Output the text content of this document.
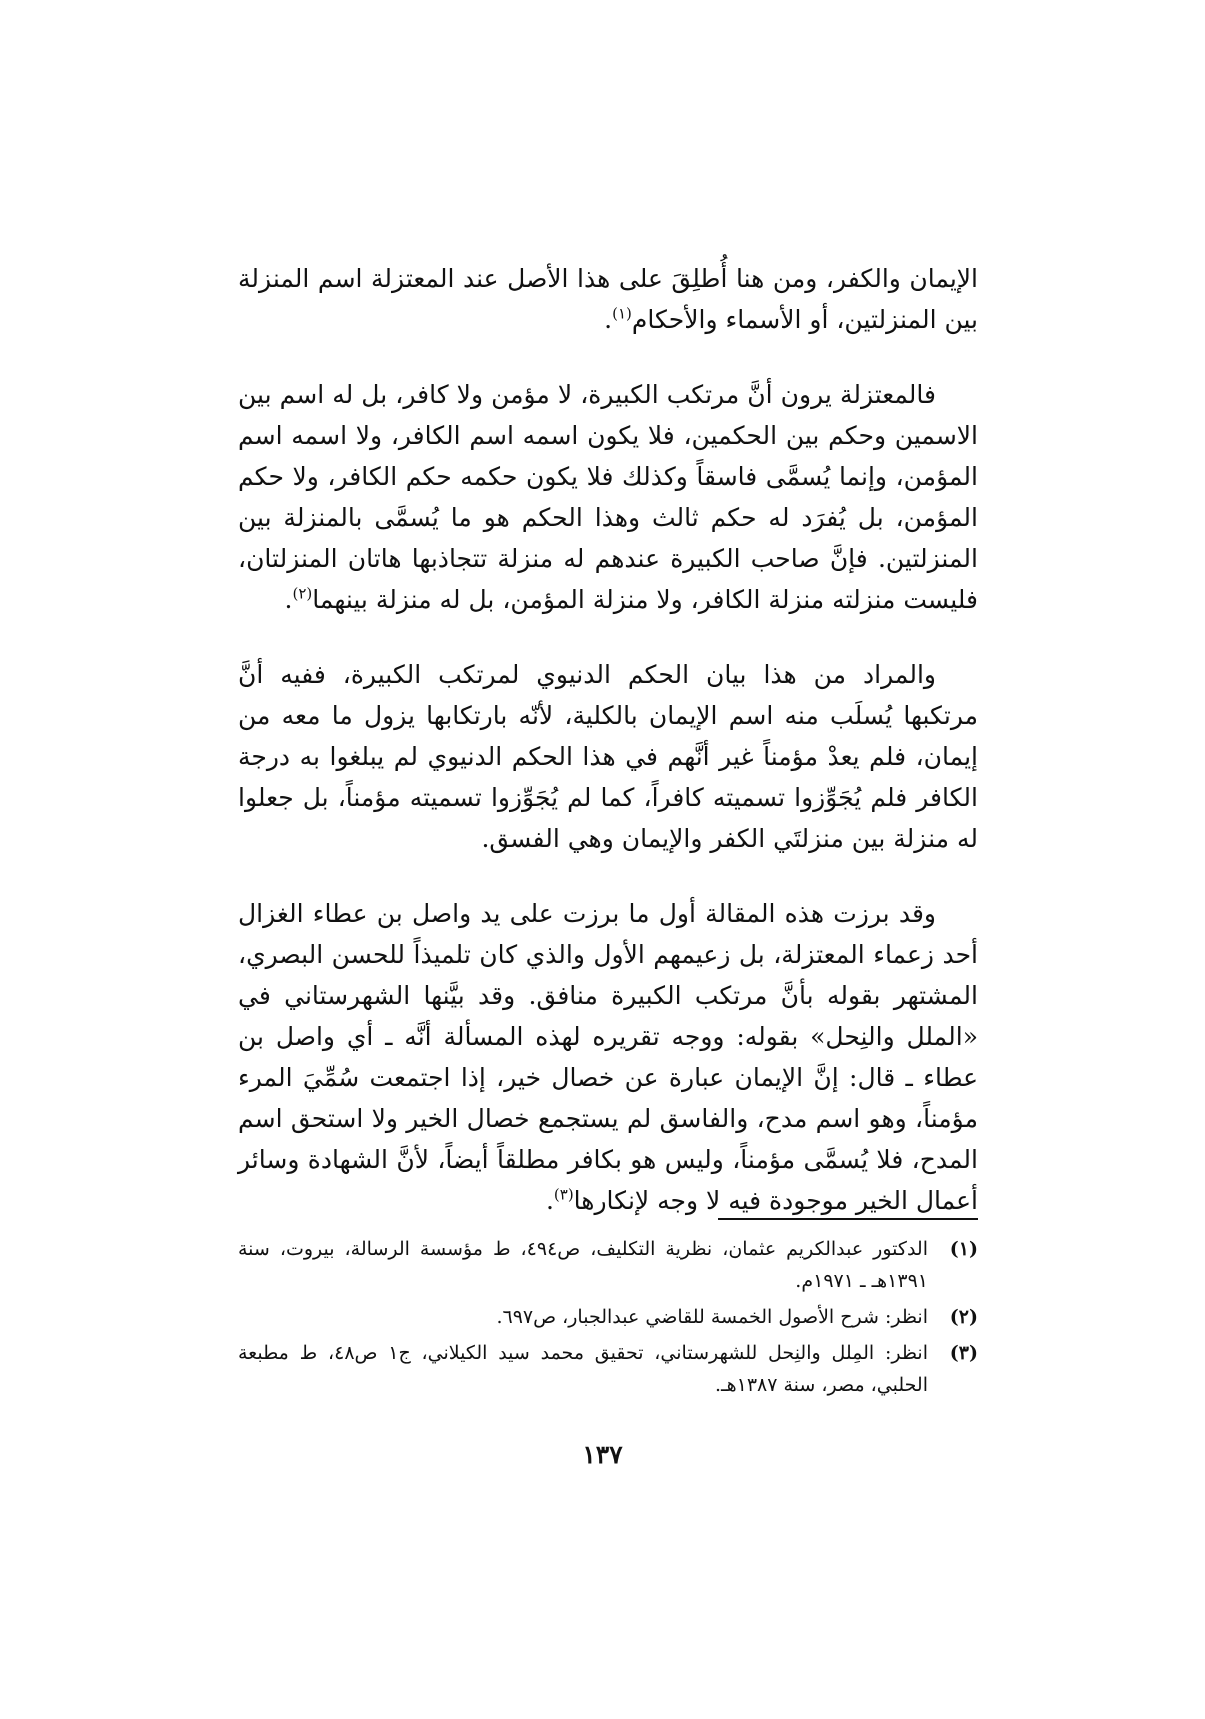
الإيمان والكفر، ومن هنا أُطلِقَ على هذا الأصل عند المعتزلة اسم المنزلة بين المنزلتين، أو الأسماء والأحكام$^{(١)}$.

فالمعتزلة يرون أنَّ مرتكب الكبيرة، لا مؤمن ولا كافر، بل له اسم بين الاسمين وحكم بين الحكمين، فلا يكون اسمه اسم الكافر، ولا اسمه اسم المؤمن، وإنما يُسمَّى فاسقاً وكذلك فلا يكون حكمه حكم الكافر، ولا حكم المؤمن، بل يُفرَد له حكم ثالث وهذا الحكم هو ما يُسمَّى بالمنزلة بين المنزلتين. فإنَّ صاحب الكبيرة عندهم له منزلة تتجاذبها هاتان المنزلتان، فليست منزلته منزلة الكافر، ولا منزلة المؤمن، بل له منزلة بينهما$^{(٢)}$.

والمراد من هذا بيان الحكم الدنيوي لمرتكب الكبيرة، ففيه أنَّ مرتكبها يُسلَب منه اسم الإيمان بالكلية، لأنّه بارتكابها يزول ما معه من إيمان، فلم يعدْ مؤمناً غير أنَّهم في هذا الحكم الدنيوي لم يبلغوا به درجة الكافر فلم يُجَوِّزوا تسميته كافراً، كما لم يُجَوِّزوا تسميته مؤمناً، بل جعلوا له منزلة بين منزلتَي الكفر والإيمان وهي الفسق.

وقد برزت هذه المقالة أول ما برزت على يد واصل بن عطاء الغزال أحد زعماء المعتزلة، بل زعيمهم الأول والذي كان تلميذاً للحسن البصري، المشتهر بقوله بأنَّ مرتكب الكبيرة منافق. وقد بيَّنها الشهرستاني في «الملل والنِحل» بقوله: ووجه تقريره لهذه المسألة أنَّه ـ أي واصل بن عطاء ـ قال: إنَّ الإيمان عبارة عن خصال خير، إذا اجتمعت سُمِّيَ المرء مؤمناً، وهو اسم مدح، والفاسق لم يستجمع خصال الخير ولا استحق اسم المدح، فلا يُسمَّى مؤمناً، وليس هو بكافر مطلقاً أيضاً، لأنَّ الشهادة وسائر أعمال الخير موجودة فيه لا وجه لإنكارها$^{(٣)}$.

(١)
الدكتور عبدالكريم عثمان، نظرية التكليف، ص٤٩٤، ط مؤسسة الرسالة، بيروت، سنة ١٣٩١هـ ـ ١٩٧١م.
(٢)
انظر: شرح الأصول الخمسة للقاضي عبدالجبار، ص٦٩٧.
(٣)
انظر: المِلل والنِحل للشهرستاني، تحقيق محمد سيد الكيلاني، ج١ ص٤٨، ط مطبعة الحلبي، مصر، سنة ١٣٨٧هـ.
١٣٧
